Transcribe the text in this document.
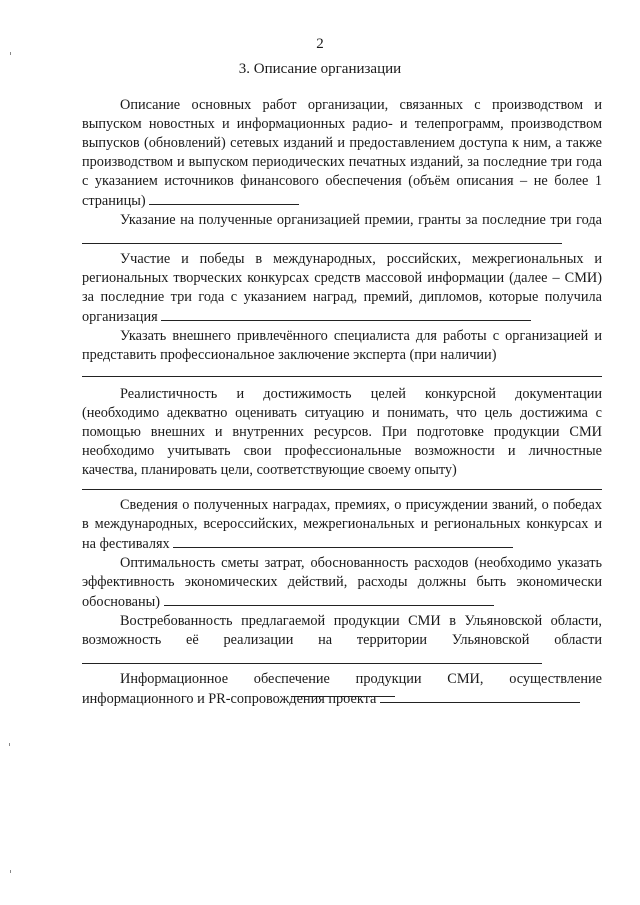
2
3. Описание организации
Описание основных работ организации, связанных с производством и выпуском новостных и информационных радио- и телепрограмм, производством выпусков (обновлений) сетевых изданий и предоставлением доступа к ним, а также производством и выпуском периодических печатных изданий, за последние три года с указанием источников финансового обеспечения (объём описания – не более 1 страницы)
Указание на полученные организацией премии, гранты за последние три года
Участие и победы в международных, российских, межрегиональных и региональных творческих конкурсах средств массовой информации (далее – СМИ) за последние три года с указанием наград, премий, дипломов, которые получила организация
Указать внешнего привлечённого специалиста для работы с организацией и представить профессиональное заключение эксперта (при наличии)
Реалистичность и достижимость целей конкурсной документации (необходимо адекватно оценивать ситуацию и понимать, что цель достижима с помощью внешних и внутренних ресурсов. При подготовке продукции СМИ необходимо учитывать свои профессиональные возможности и личностные качества, планировать цели, соответствующие своему опыту)
Сведения о полученных наградах, премиях, о присуждении званий, о победах в международных, всероссийских, межрегиональных и региональных конкурсах и на фестивалях
Оптимальность сметы затрат, обоснованность расходов (необходимо указать эффективность экономических действий, расходы должны быть экономически обоснованы)
Востребованность предлагаемой продукции СМИ в Ульяновской области, возможность её реализации на территории Ульяновской области
Информационное обеспечение продукции СМИ, осуществление информационного и PR-сопровождения проекта
